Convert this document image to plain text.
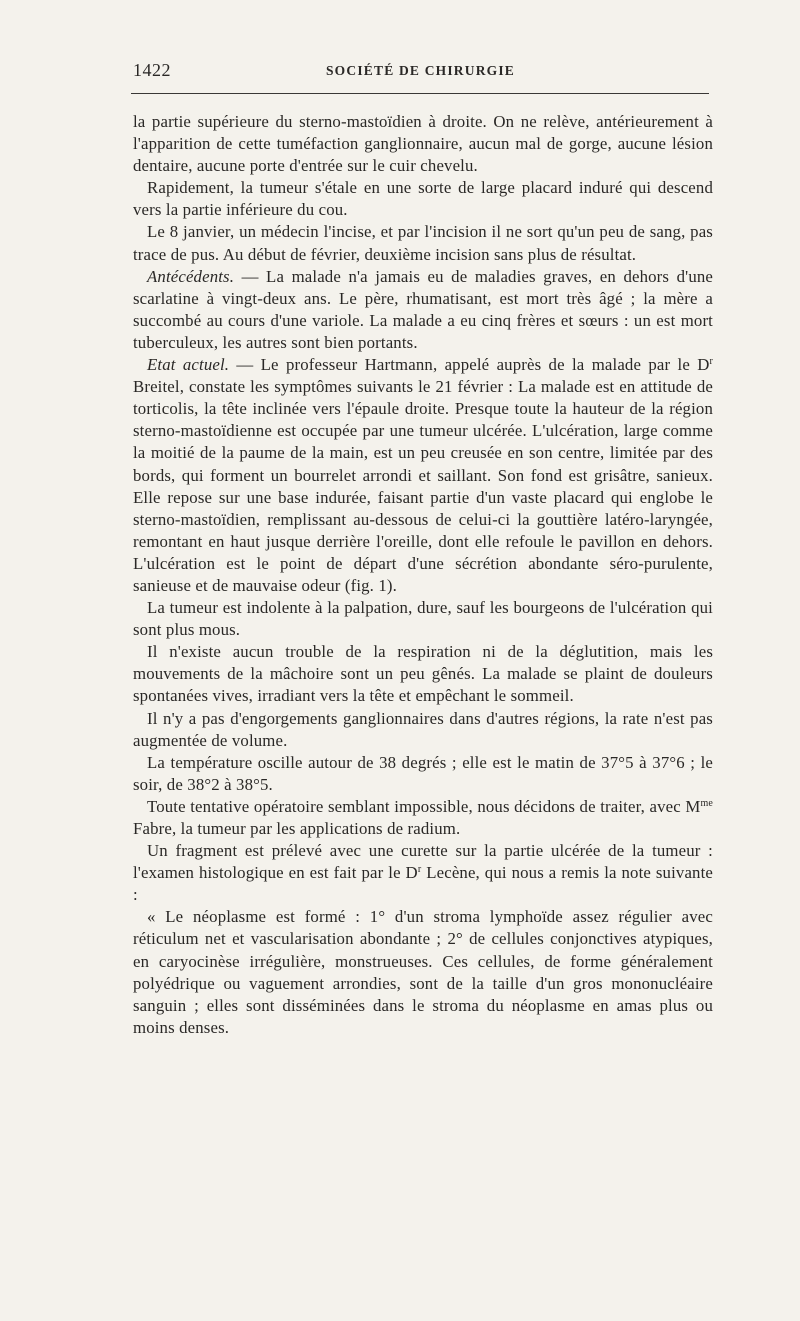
1422	SOCIÉTÉ DE CHIRURGIE

la partie supérieure du sterno-mastoïdien à droite. On ne relève, antérieurement à l'apparition de cette tuméfaction ganglionnaire, aucun mal de gorge, aucune lésion dentaire, aucune porte d'entrée sur le cuir chevelu.

Rapidement, la tumeur s'étale en une sorte de large placard induré qui descend vers la partie inférieure du cou.

Le 8 janvier, un médecin l'incise, et par l'incision il ne sort qu'un peu de sang, pas trace de pus. Au début de février, deuxième incision sans plus de résultat.

Antécédents. — La malade n'a jamais eu de maladies graves, en dehors d'une scarlatine à vingt-deux ans. Le père, rhumatisant, est mort très âgé ; la mère a succombé au cours d'une variole. La malade a eu cinq frères et sœurs : un est mort tuberculeux, les autres sont bien portants.

Etat actuel. — Le professeur Hartmann, appelé auprès de la malade par le $D^r$ Breitel, constate les symptômes suivants le 21 février : La malade est en attitude de torticolis, la tête inclinée vers l'épaule droite. Presque toute la hauteur de la région sterno-mastoïdienne est occupée par une tumeur ulcérée. L'ulcération, large comme la moitié de la paume de la main, est un peu creusée en son centre, limitée par des bords, qui forment un bourrelet arrondi et saillant. Son fond est grisâtre, sanieux. Elle repose sur une base indurée, faisant partie d'un vaste placard qui englobe le sterno-mastoïdien, remplissant au-dessous de celui-ci la gouttière latéro-laryngée, remontant en haut jusque derrière l'oreille, dont elle refoule le pavillon en dehors. L'ulcération est le point de départ d'une sécrétion abondante séro-purulente, sanieuse et de mauvaise odeur (fig. 1).

La tumeur est indolente à la palpation, dure, sauf les bourgeons de l'ulcération qui sont plus mous.

Il n'existe aucun trouble de la respiration ni de la déglutition, mais les mouvements de la mâchoire sont un peu gênés. La malade se plaint de douleurs spontanées vives, irradiant vers la tête et empêchant le sommeil.

Il n'y a pas d'engorgements ganglionnaires dans d'autres régions, la rate n'est pas augmentée de volume.

La température oscille autour de 38 degrés ; elle est le matin de 37°5 à 37°6 ; le soir, de 38°2 à 38°5.

Toute tentative opératoire semblant impossible, nous décidons de traiter, avec $M^{me}$ Fabre, la tumeur par les applications de radium.

Un fragment est prélevé avec une curette sur la partie ulcérée de la tumeur : l'examen histologique en est fait par le $D^r$ Lecène, qui nous a remis la note suivante :

« Le néoplasme est formé : 1° d'un stroma lymphoïde assez régulier avec réticulum net et vascularisation abondante ; 2° de cellules conjonctives atypiques, en caryocinèse irrégulière, monstrueuses. Ces cellules, de forme généralement polyédrique ou vaguement arrondies, sont de la taille d'un gros mononucléaire sanguin ; elles sont disséminées dans le stroma du néoplasme en amas plus ou moins denses.
